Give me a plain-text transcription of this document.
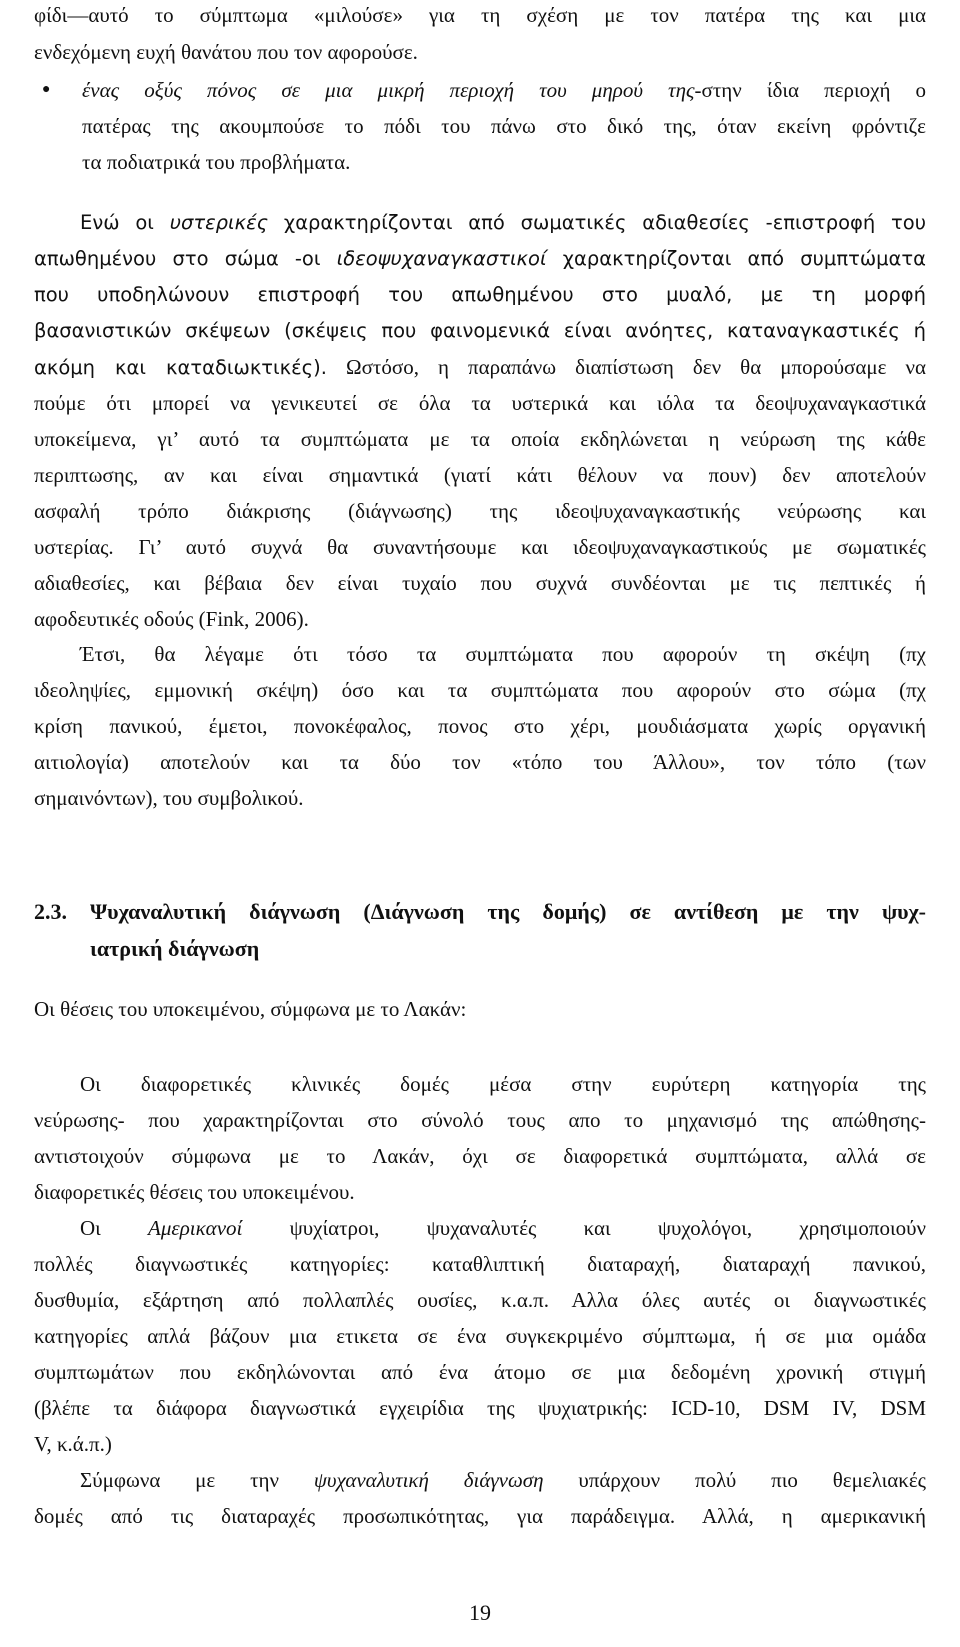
φίδι—αυτό το σύμπτωμα «μιλούσε» για τη σχέση με τον πατέρα της και μια
ενδεχόμενη ευχή θανάτου που τον αφορούσε.
● ένας οξύς πόνος σε μια μικρή περιοχή του μηρού της-στην ίδια περιοχή ο
πατέρας της ακουμπούσε το πόδι του πάνω στο δικό της, όταν εκείνη φρόντιζε
τα ποδιατρικά του προβλήματα.
Ενώ οι υστερικές χαρακτηρίζονται από σωματικές αδιαθεσίες -επιστροφή του
απωθημένου στο σώμα -οι ιδεοψυχαναγκαστικοί χαρακτηρίζονται από συμπτώματα
που υποδηλώνουν επιστροφή του απωθημένου στο μυαλό, με τη μορφή
βασανιστικών σκέψεων (σκέψεις που φαινομενικά είναι ανόητες, καταναγκαστικές ή
ακόμη και καταδιωκτικές). Ωστόσο, η παραπάνω διαπίστωση δεν θα μπορούσαμε να
πούμε ότι μπορεί να γενικευτεί σε όλα τα υστερικά και ιόλα τα δεοψυχαναγκαστικά
υποκείμενα, γι’ αυτό τα συμπτώματα με τα οποία εκδηλώνεται η νεύρωση της κάθε
περιπτωσης, αν και είναι σημαντικά (γιατί κάτι θέλουν να πουν) δεν αποτελούν
ασφαλή τρόπο διάκρισης (διάγνωσης) της ιδεοψυχαναγκαστικής νεύρωσης και
υστερίας. Γι’ αυτό συχνά θα συναντήσουμε και ιδεοψυχαναγκαστικούς με σωματικές
αδιαθεσίες, και βέβαια δεν είναι τυχαίο που συχνά συνδέονται με τις πεπτικές ή
αφοδευτικές οδούς (Fink, 2006).
Έτσι, θα λέγαμε ότι τόσο τα συμπτώματα που αφορούν τη σκέψη (πχ
ιδεοληψίες, εμμονική σκέψη) όσο και τα συμπτώματα που αφορούν στο σώμα (πχ
κρίση πανικού, έμετοι, πονοκέφαλος, πονος στο χέρι, μουδιάσματα χωρίς οργανική
αιτιολογία) αποτελούν και τα δύο τον «τόπο του Άλλου», τον τόπο (των
σημαινόντων), του συμβολικού.
2.3.	Ψυχαναλυτική διάγνωση (Διάγνωση της δομής) σε αντίθεση με την ψυχ-
ιατρική διάγνωση
Οι θέσεις του υποκειμένου, σύμφωνα με το Λακάν:
Οι διαφορετικές κλινικές δομές μέσα στην ευρύτερη κατηγορία της
νεύρωσης- που χαρακτηρίζονται στο σύνολό τους απο το μηχανισμό της απώθησης-
αντιστοιχούν σύμφωνα με το Λακάν, όχι σε διαφορετικά συμπτώματα, αλλά σε
διαφορετικές θέσεις του υποκειμένου.
Οι Αμερικανοί ψυχίατροι, ψυχαναλυτές και ψυχολόγοι, χρησιμοποιούν
πολλές διαγνωστικές κατηγορίες: καταθλιπτική διαταραχή, διαταραχή πανικού,
δυσθυμία, εξάρτηση από πολλαπλές ουσίες, κ.α.π. Αλλα όλες αυτές οι διαγνωστικές
κατηγορίες απλά βάζουν μια ετικετα σε ένα συγκεκριμένο σύμπτωμα, ή σε μια ομάδα
συμπτωμάτων που εκδηλώνονται από ένα άτομο σε μια δεδομένη χρονική στιγμή
(βλέπε τα διάφορα διαγνωστικά εγχειρίδια της ψυχιατρικής: ICD-10, DSM IV, DSM
V, κ.ά.π.)
Σύμφωνα με την ψυχαναλυτική διάγνωση υπάρχουν πολύ πιο θεμελιακές
δομές από τις διαταραχές προσωπικότητας, για παράδειγμα. Αλλά, η αμερικανική
19
